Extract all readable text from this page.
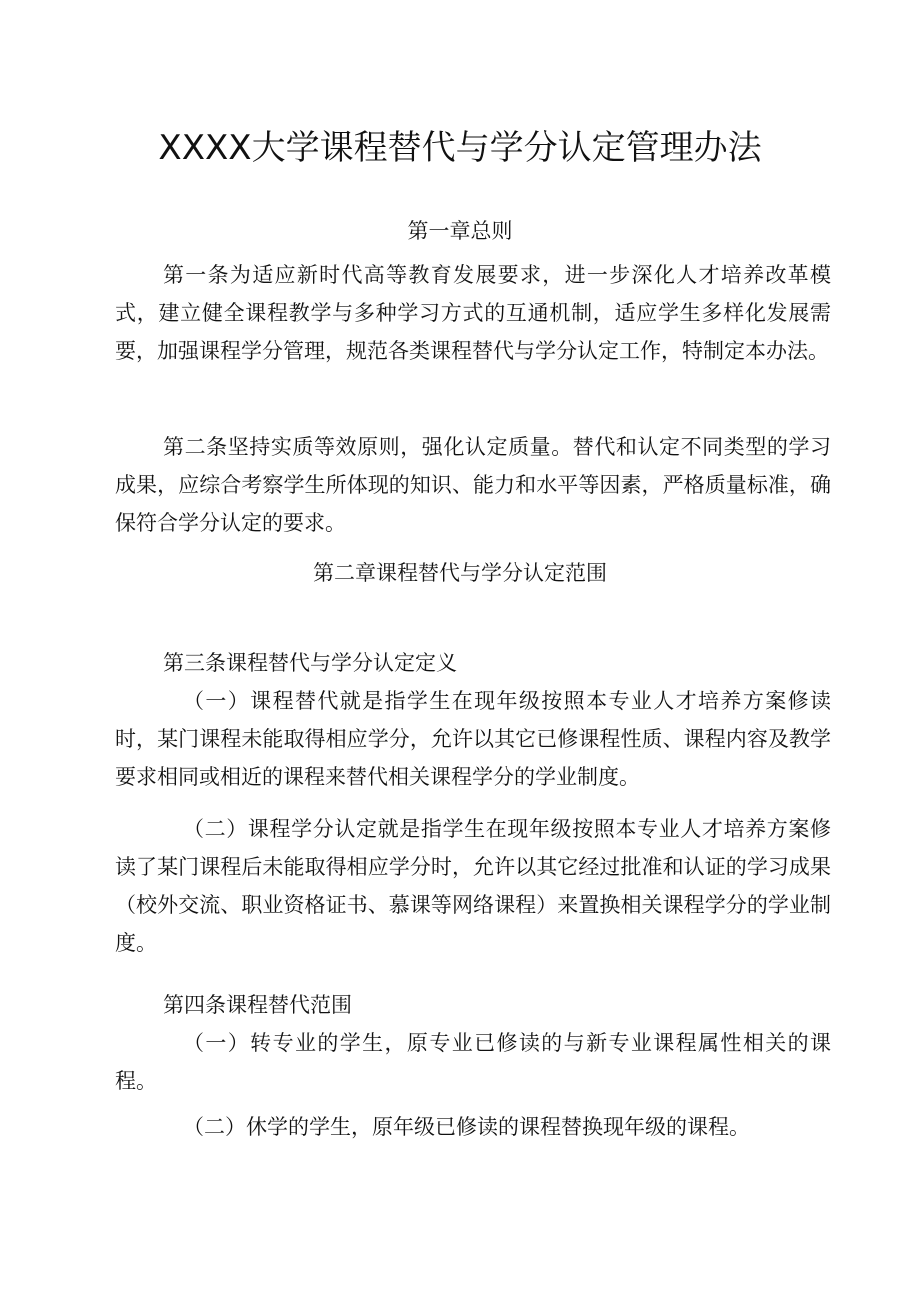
XXXX大学课程替代与学分认定管理办法
第一章总则

第一条为适应新时代高等教育发展要求，进一步深化人才培养改革模式，建立健全课程教学与多种学习方式的互通机制，适应学生多样化发展需要，加强课程学分管理，规范各类课程替代与学分认定工作，特制定本办法。

第二条坚持实质等效原则，强化认定质量。替代和认定不同类型的学习成果，应综合考察学生所体现的知识、能力和水平等因素，严格质量标准，确保符合学分认定的要求。

第二章课程替代与学分认定范围
第三条课程替代与学分认定定义

（一）课程替代就是指学生在现年级按照本专业人才培养方案修读时，某门课程未能取得相应学分，允许以其它已修课程性质、课程内容及教学要求相同或相近的课程来替代相关课程学分的学业制度。

（二）课程学分认定就是指学生在现年级按照本专业人才培养方案修读了某门课程后未能取得相应学分时，允许以其它经过批准和认证的学习成果（校外交流、职业资格证书、慕课等网络课程）来置换相关课程学分的学业制度。

第四条课程替代范围

（一）转专业的学生，原专业已修读的与新专业课程属性相关的课程。

（二）休学的学生，原年级已修读的课程替换现年级的课程。
